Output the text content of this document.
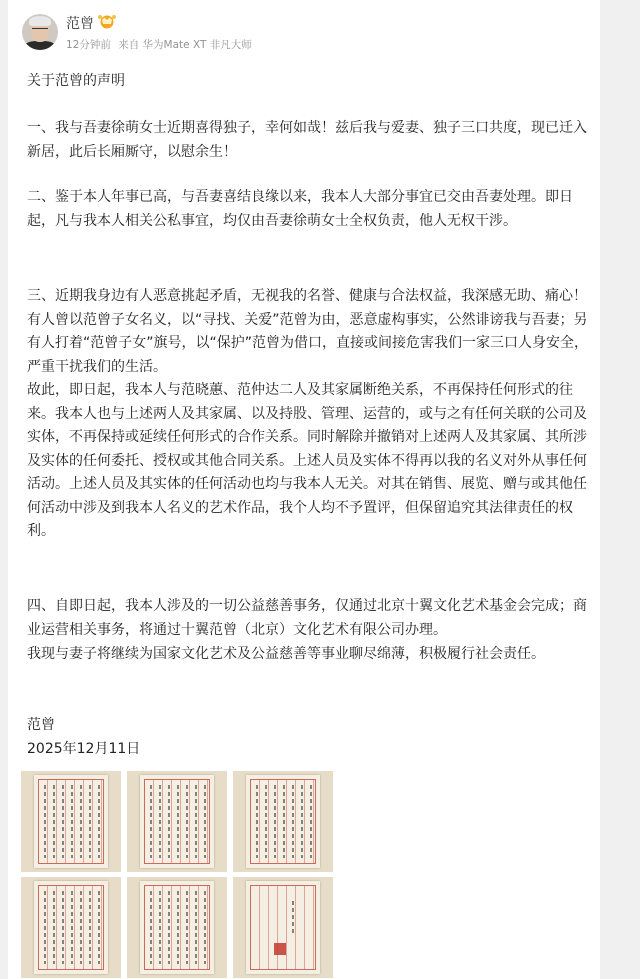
范曾
12分钟前 来自 华为Mate XT 非凡大师

关于范曾的声明

一、我与吾妻徐萌女士近期喜得独子，幸何如哉！兹后我与爱妻、独子三口共度，现已迁入新居，此后长厢厮守，以慰余生！

二、鉴于本人年事已高，与吾妻喜结良缘以来，我本人大部分事宜已交由吾妻处理。即日起，凡与我本人相关公私事宜，均仅由吾妻徐萌女士全权负责，他人无权干涉。

三、近期我身边有人恶意挑起矛盾，无视我的名誉、健康与合法权益，我深感无助、痛心！有人曾以范曾子女名义，以“寻找、关爱”范曾为由，恶意虚构事实，公然诽谤我与吾妻；另有人打着“范曾子女”旗号，以“保护”范曾为借口，直接或间接危害我们一家三口人身安全，严重干扰我们的生活。
故此，即日起，我本人与范晓蕙、范仲达二人及其家属断绝关系，不再保持任何形式的往来。我本人也与上述两人及其家属、以及持股、管理、运营的，或与之有任何关联的公司及实体，不再保持或延续任何形式的合作关系。同时解除并撤销对上述两人及其家属、其所涉及实体的任何委托、授权或其他合同关系。上述人员及实体不得再以我的名义对外从事任何活动。上述人员及其实体的任何活动也均与我本人无关。对其在销售、展览、赠与或其他任何活动中涉及到我本人名义的艺术作品，我个人均不予置评，但保留追究其法律责任的权利。

四、自即日起，我本人涉及的一切公益慈善事务，仅通过北京十翼文化艺术基金会完成；商业运营相关事务，将通过十翼范曾（北京）文化艺术有限公司办理。

我现与妻子将继续为国家文化艺术及公益慈善等事业聊尽绵薄，积极履行社会责任。

范曾

2025年12月11日
